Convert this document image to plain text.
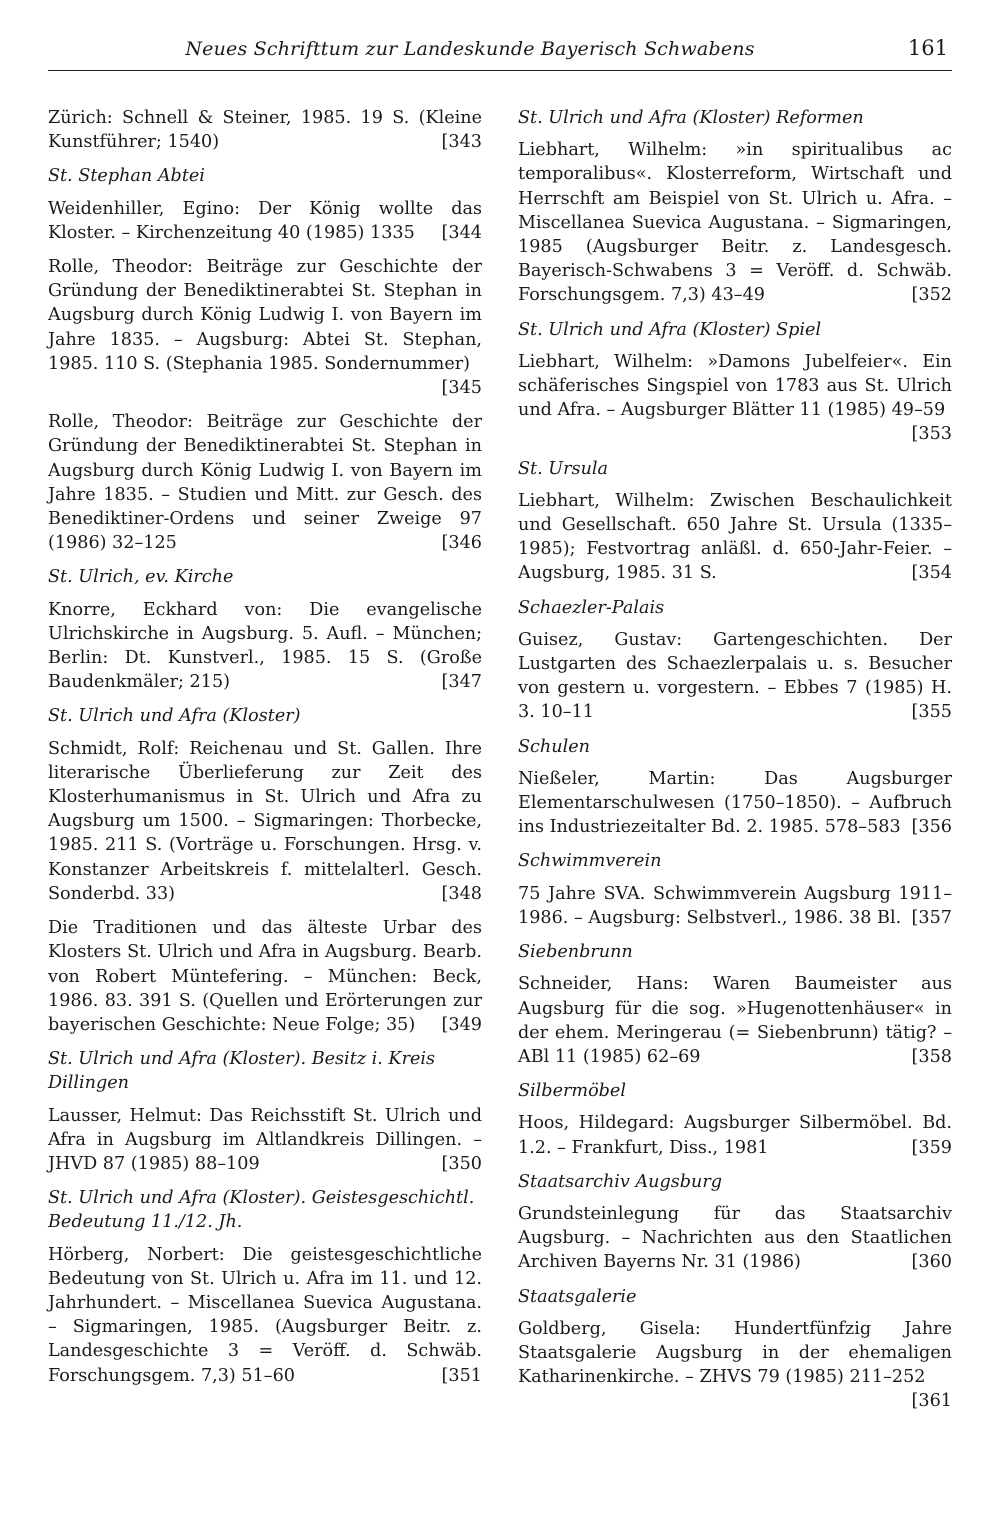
Neues Schrifttum zur Landeskunde Bayerisch Schwabens	161
Zürich: Schnell & Steiner, 1985. 19 S. (Kleine Kunstführer; 1540)	[343
St. Stephan Abtei
Weidenhiller, Egino: Der König wollte das Kloster. – Kirchenzeitung 40 (1985) 1335 [344
Rolle, Theodor: Beiträge zur Geschichte der Gründung der Benediktinerabtei St. Stephan in Augsburg durch König Ludwig I. von Bayern im Jahre 1835. – Augsburg: Abtei St. Stephan, 1985. 110 S. (Stephania 1985. Sondernummer)
[345
Rolle, Theodor: Beiträge zur Geschichte der Gründung der Benediktinerabtei St. Stephan in Augsburg durch König Ludwig I. von Bayern im Jahre 1835. – Studien und Mitt. zur Gesch. des Benediktiner-Ordens und seiner Zweige 97 (1986) 32–125	[346
St. Ulrich, ev. Kirche
Knorre, Eckhard von: Die evangelische Ulrichskirche in Augsburg. 5. Aufl. – München; Berlin: Dt. Kunstverl., 1985. 15 S. (Große Baudenkmäler; 215)	[347
St. Ulrich und Afra (Kloster)
Schmidt, Rolf: Reichenau und St. Gallen. Ihre literarische Überlieferung zur Zeit des Klosterhumanismus in St. Ulrich und Afra zu Augsburg um 1500. – Sigmaringen: Thorbecke, 1985. 211 S. (Vorträge u. Forschungen. Hrsg. v. Konstanzer Arbeitskreis f. mittelalterl. Gesch. Sonderbd. 33)	[348
Die Traditionen und das älteste Urbar des Klosters St. Ulrich und Afra in Augsburg. Bearb. von Robert Müntefering. – München: Beck, 1986. 83. 391 S. (Quellen und Erörterungen zur bayerischen Geschichte: Neue Folge; 35) [349
St. Ulrich und Afra (Kloster). Besitz i. Kreis Dillingen
Lausser, Helmut: Das Reichsstift St. Ulrich und Afra in Augsburg im Altlandkreis Dillingen. – JHVD 87 (1985) 88–109	[350
St. Ulrich und Afra (Kloster). Geistesgeschichtl. Bedeutung 11./12. Jh.
Hörberg, Norbert: Die geistesgeschichtliche Bedeutung von St. Ulrich u. Afra im 11. und 12. Jahrhundert. – Miscellanea Suevica Augustana. – Sigmaringen, 1985. (Augsburger Beitr. z. Landesgeschichte 3 = Veröff. d. Schwäb. Forschungsgem. 7,3) 51–60	[351
St. Ulrich und Afra (Kloster) Reformen
Liebhart, Wilhelm: »in spiritualibus ac temporalibus«. Klosterreform, Wirtschaft und Herrschft am Beispiel von St. Ulrich u. Afra. – Miscellanea Suevica Augustana. – Sigmaringen, 1985 (Augsburger Beitr. z. Landesgesch. Bayerisch-Schwabens 3 = Veröff. d. Schwäb. Forschungsgem. 7,3) 43–49	[352
St. Ulrich und Afra (Kloster) Spiel
Liebhart, Wilhelm: »Damons Jubelfeier«. Ein schäferisches Singspiel von 1783 aus St. Ulrich und Afra. – Augsburger Blätter 11 (1985) 49–59
[353
St. Ursula
Liebhart, Wilhelm: Zwischen Beschaulichkeit und Gesellschaft. 650 Jahre St. Ursula (1335–1985); Festvortrag anläßl. d. 650-Jahr-Feier. – Augsburg, 1985. 31 S.	[354
Schaezler-Palais
Guisez, Gustav: Gartengeschichten. Der Lustgarten des Schaezlerpalais u. s. Besucher von gestern u. vorgestern. – Ebbes 7 (1985) H. 3. 10–11	[355
Schulen
Nießeler, Martin: Das Augsburger Elementarschulwesen (1750–1850). – Aufbruch ins Industriezeitalter Bd. 2. 1985. 578–583 [356
Schwimmverein
75 Jahre SVA. Schwimmverein Augsburg 1911–1986. – Augsburg: Selbstverl., 1986. 38 Bl. [357
Siebenbrunn
Schneider, Hans: Waren Baumeister aus Augsburg für die sog. »Hugenottenhäuser« in der ehem. Meringerau (= Siebenbrunn) tätig? – ABl 11 (1985) 62–69	[358
Silbermöbel
Hoos, Hildegard: Augsburger Silbermöbel. Bd. 1.2. – Frankfurt, Diss., 1981	[359
Staatsarchiv Augsburg
Grundsteinlegung für das Staatsarchiv Augsburg. – Nachrichten aus den Staatlichen Archiven Bayerns Nr. 31 (1986)	[360
Staatsgalerie
Goldberg, Gisela: Hundertfünfzig Jahre Staatsgalerie Augsburg in der ehemaligen Katharinenkirche. – ZHVS 79 (1985) 211–252
[361
